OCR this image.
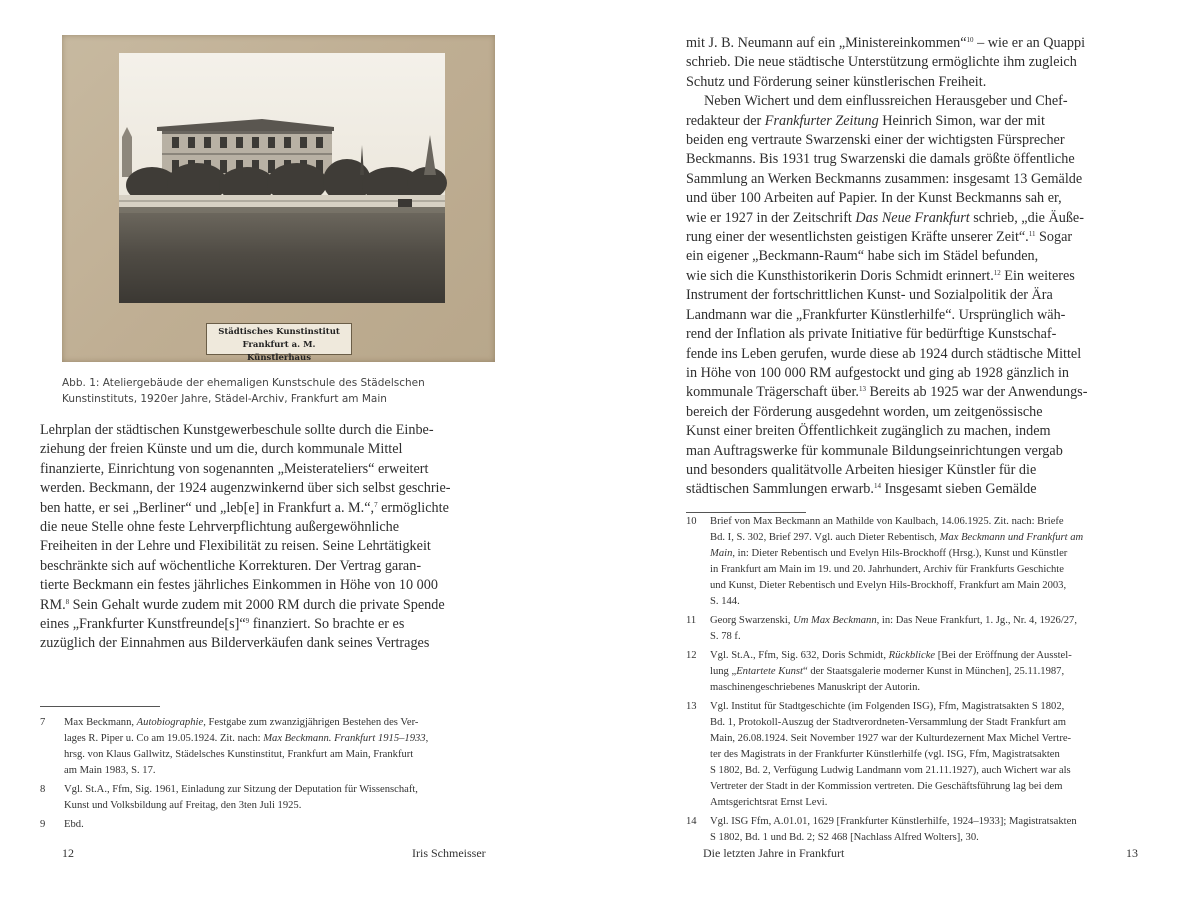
Städtisches Kunstinstitut Frankfurt a. M.
Künstlerhaus

Abb. 1: Ateliergebäude der ehemaligen Kunstschule des Städelschen
Kunstinstituts, 1920er Jahre, Städel-Archiv, Frankfurt am Main

Lehrplan der städtischen Kunstgewerbeschule sollte durch die Einbe-
ziehung der freien Künste und um die, durch kommunale Mittel
finanzierte, Einrichtung von sogenannten „Meisterateliers“ erweitert
werden. Beckmann, der 1924 augenzwinkernd über sich selbst geschrie-
ben hatte, er sei „Berliner“ und „leb[e] in Frankfurt a. M.“,$^7$ ermöglichte
die neue Stelle ohne feste Lehrverpflichtung außergewöhnliche
Freiheiten in der Lehre und Flexibilität zu reisen. Seine Lehrtätigkeit
beschränkte sich auf wöchentliche Korrekturen. Der Vertrag garan-
tierte Beckmann ein festes jährliches Einkommen in Höhe von 10 000
RM.$^8$ Sein Gehalt wurde zudem mit 2000 RM durch die private Spende
eines „Frankfurter Kunstfreunde[s]“$^9$ finanziert. So brachte er es
zuzüglich der Einnahmen aus Bilderverkäufen dank seines Vertrages

7 Max Beckmann, Autobiographie, Festgabe zum zwanzigjährigen Bestehen des Ver-
lages R. Piper u. Co am 19.05.1924. Zit. nach: Max Beckmann. Frankfurt 1915–1933,
hrsg. von Klaus Gallwitz, Städelsches Kunstinstitut, Frankfurt am Main, Frankfurt
am Main 1983, S. 17.
8 Vgl. St.A., Ffm, Sig. 1961, Einladung zur Sitzung der Deputation für Wissenschaft,
Kunst und Volksbildung auf Freitag, den 3ten Juli 1925.
9 Ebd.
12	Iris Schmeisser

mit J. B. Neumann auf ein „Ministereinkommen“$^{10}$ – wie er an Quappi
schrieb. Die neue städtische Unterstützung ermöglichte ihm zugleich
Schutz und Förderung seiner künstlerischen Freiheit.
Neben Wichert und dem einflussreichen Herausgeber und Chef-
redakteur der Frankfurter Zeitung Heinrich Simon, war der mit
beiden eng vertraute Swarzenski einer der wichtigsten Fürsprecher
Beckmanns. Bis 1931 trug Swarzenski die damals größte öffentliche
Sammlung an Werken Beckmanns zusammen: insgesamt 13 Gemälde
und über 100 Arbeiten auf Papier. In der Kunst Beckmanns sah er,
wie er 1927 in der Zeitschrift Das Neue Frankfurt schrieb, „die Äuße-
rung einer der wesentlichsten geistigen Kräfte unserer Zeit“.$^{11}$ Sogar
ein eigener „Beckmann-Raum“ habe sich im Städel befunden,
wie sich die Kunsthistorikerin Doris Schmidt erinnert.$^{12}$ Ein weiteres
Instrument der fortschrittlichen Kunst- und Sozialpolitik der Ära
Landmann war die „Frankfurter Künstlerhilfe“. Ursprünglich wäh-
rend der Inflation als private Initiative für bedürftige Kunstschaf-
fende ins Leben gerufen, wurde diese ab 1924 durch städtische Mittel
in Höhe von 100 000 RM aufgestockt und ging ab 1928 gänzlich in
kommunale Trägerschaft über.$^{13}$ Bereits ab 1925 war der Anwendungs-
bereich der Förderung ausgedehnt worden, um zeitgenössische
Kunst einer breiten Öffentlichkeit zugänglich zu machen, indem
man Auftragswerke für kommunale Bildungseinrichtungen vergab
und besonders qualitätvolle Arbeiten hiesiger Künstler für die
städtischen Sammlungen erwarb.$^{14}$ Insgesamt sieben Gemälde

10 Brief von Max Beckmann an Mathilde von Kaulbach, 14.06.1925. Zit. nach: Briefe
Bd. I, S. 302, Brief 297. Vgl. auch Dieter Rebentisch, Max Beckmann und Frankfurt am
Main, in: Dieter Rebentisch und Evelyn Hils-Brockhoff (Hrsg.), Kunst und Künstler
in Frankfurt am Main im 19. und 20. Jahrhundert, Archiv für Frankfurts Geschichte
und Kunst, Dieter Rebentisch und Evelyn Hils-Brockhoff, Frankfurt am Main 2003,
S. 144.
11 Georg Swarzenski, Um Max Beckmann, in: Das Neue Frankfurt, 1. Jg., Nr. 4, 1926/27,
S. 78 f.
12 Vgl. St.A., Ffm, Sig. 632, Doris Schmidt, Rückblicke [Bei der Eröffnung der Ausstel-
lung „Entartete Kunst“ der Staatsgalerie moderner Kunst in München], 25.11.1987,
maschinengeschriebenes Manuskript der Autorin.
13 Vgl. Institut für Stadtgeschichte (im Folgenden ISG), Ffm, Magistratsakten S 1802,
Bd. 1, Protokoll-Auszug der Stadtverordneten-Versammlung der Stadt Frankfurt am
Main, 26.08.1924. Seit November 1927 war der Kulturdezernent Max Michel Vertre-
ter des Magistrats in der Frankfurter Künstlerhilfe (vgl. ISG, Ffm, Magistratsakten
S 1802, Bd. 2, Verfügung Ludwig Landmann vom 21.11.1927), auch Wichert war als
Vertreter der Stadt in der Kommission vertreten. Die Geschäftsführung lag bei dem
Amtsgerichtsrat Ernst Levi.
14 Vgl. ISG Ffm, A.01.01, 1629 [Frankfurter Künstlerhilfe, 1924–1933]; Magistratsakten
S 1802, Bd. 1 und Bd. 2; S2 468 [Nachlass Alfred Wolters], 30.
Die letzten Jahre in Frankfurt	13
